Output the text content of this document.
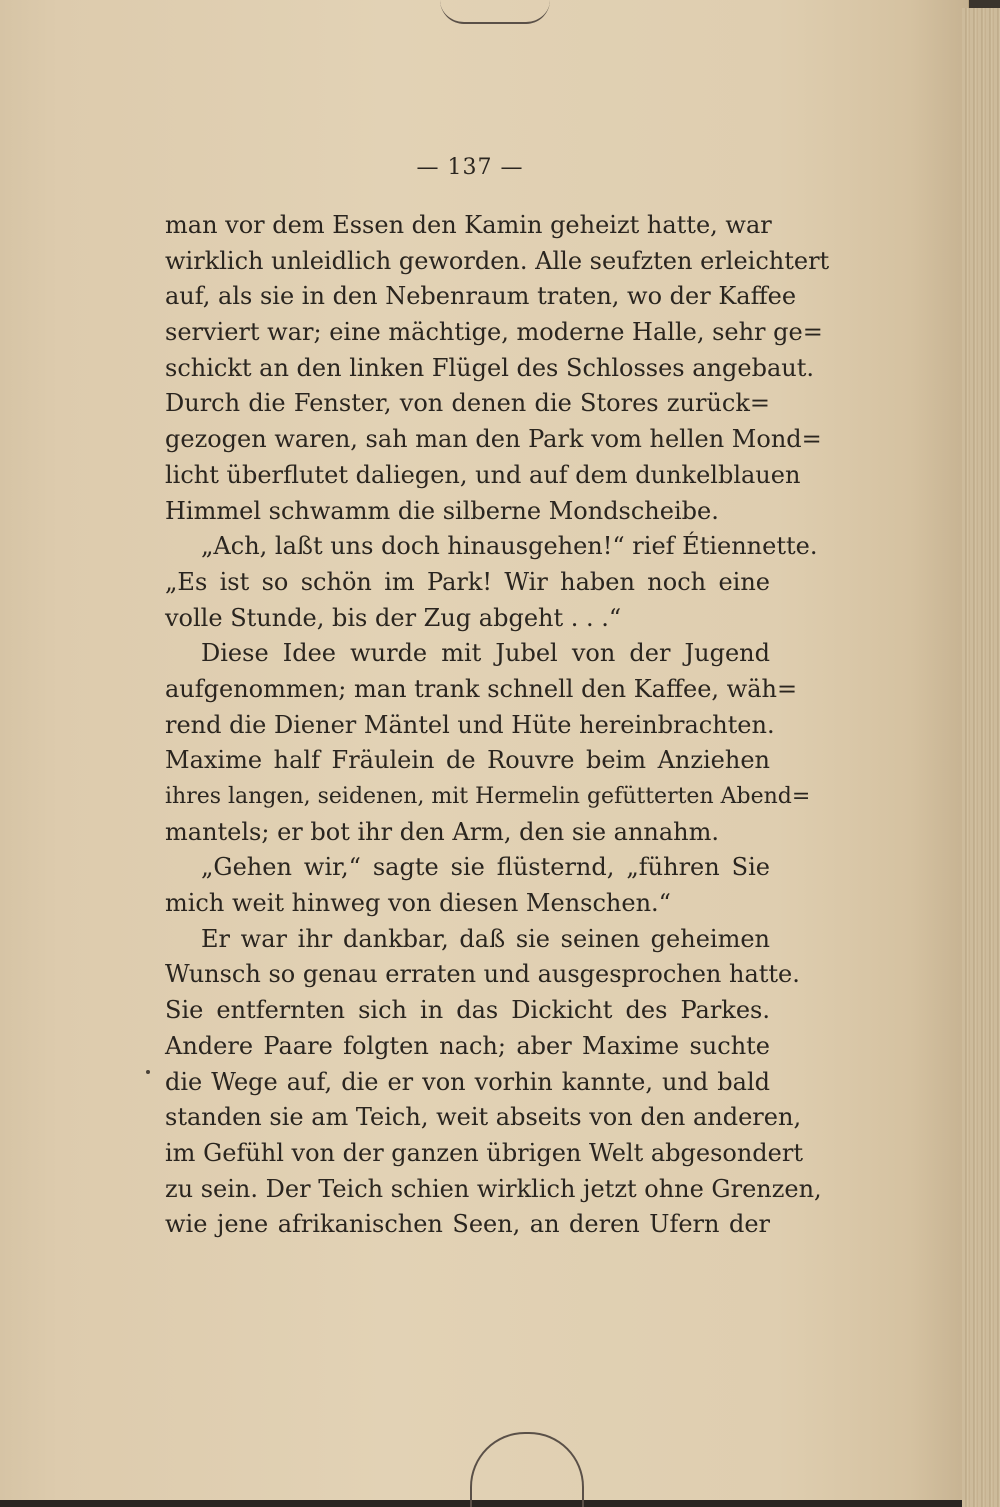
— 137 —
man vor dem Essen den Kamin geheizt hatte, war
wirklich unleidlich geworden. Alle seufzten erleichtert
auf, als sie in den Nebenraum traten, wo der Kaffee
serviert war; eine mächtige, moderne Halle, sehr ge=
schickt an den linken Flügel des Schlosses angebaut.
Durch die Fenster, von denen die Stores zurück=
gezogen waren, sah man den Park vom hellen Mond=
licht überflutet daliegen, und auf dem dunkelblauen
Himmel schwamm die silberne Mondscheibe.
„Ach, laßt uns doch hinausgehen!“ rief Étiennette.
„Es ist so schön im Park! Wir haben noch eine
volle Stunde, bis der Zug abgeht . . .“
Diese Idee wurde mit Jubel von der Jugend
aufgenommen; man trank schnell den Kaffee, wäh=
rend die Diener Mäntel und Hüte hereinbrachten.
Maxime half Fräulein de Rouvre beim Anziehen
ihres langen, seidenen, mit Hermelin gefütterten Abend=
mantels; er bot ihr den Arm, den sie annahm.
„Gehen wir,“ sagte sie flüsternd, „führen Sie
mich weit hinweg von diesen Menschen.“
Er war ihr dankbar, daß sie seinen geheimen
Wunsch so genau erraten und ausgesprochen hatte.
Sie entfernten sich in das Dickicht des Parkes.
Andere Paare folgten nach; aber Maxime suchte
die Wege auf, die er von vorhin kannte, und bald
standen sie am Teich, weit abseits von den anderen,
im Gefühl von der ganzen übrigen Welt abgesondert
zu sein. Der Teich schien wirklich jetzt ohne Grenzen,
wie jene afrikanischen Seen, an deren Ufern der
